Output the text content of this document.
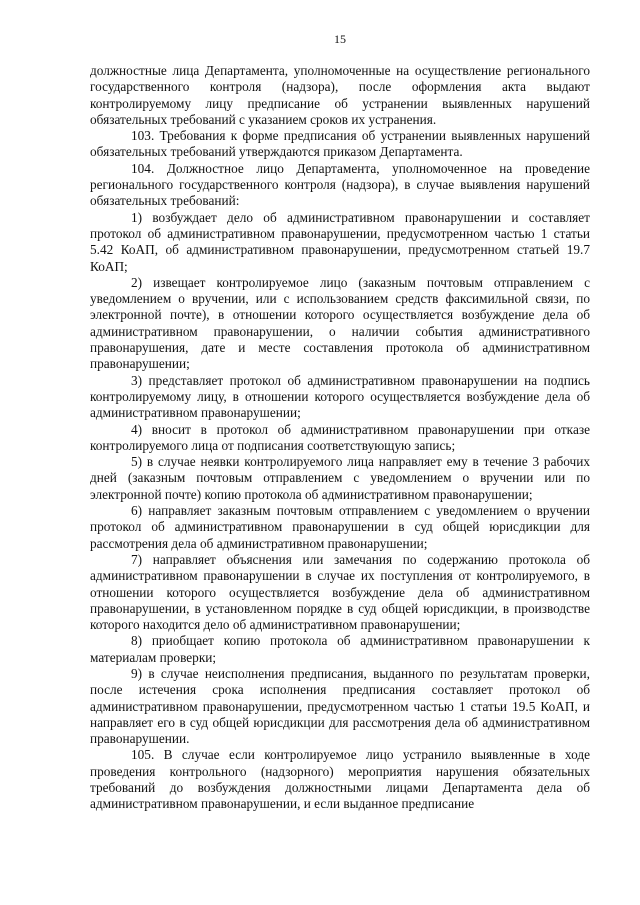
15

должностные лица Департамента, уполномоченные на осуществление регионального государственного контроля (надзора), после оформления акта выдают контролируемому лицу предписание об устранении выявленных нарушений обязательных требований с указанием сроков их устранения.

103. Требования к форме предписания об устранении выявленных нарушений обязательных требований утверждаются приказом Департамента.

104. Должностное лицо Департамента, уполномоченное на проведение регионального государственного контроля (надзора), в случае выявления нарушений обязательных требований:

1) возбуждает дело об административном правонарушении и составляет протокол об административном правонарушении, предусмотренном частью 1 статьи 5.42 КоАП, об административном правонарушении, предусмотренном статьей 19.7 КоАП;

2) извещает контролируемое лицо (заказным почтовым отправлением с уведомлением о вручении, или с использованием средств факсимильной связи, по электронной почте), в отношении которого осуществляется возбуждение дела об административном правонарушении, о наличии события административного правонарушения, дате и месте составления протокола об административном правонарушении;

3) представляет протокол об административном правонарушении на подпись контролируемому лицу, в отношении которого осуществляется возбуждение дела об административном правонарушении;

4) вносит в протокол об административном правонарушении при отказе контролируемого лица от подписания соответствующую запись;

5) в случае неявки контролируемого лица направляет ему в течение 3 рабочих дней (заказным почтовым отправлением с уведомлением о вручении или по электронной почте) копию протокола об административном правонарушении;

6) направляет заказным почтовым отправлением с уведомлением о вручении протокол об административном правонарушении в суд общей юрисдикции для рассмотрения дела об административном правонарушении;

7) направляет объяснения или замечания по содержанию протокола об административном правонарушении в случае их поступления от контролируемого, в отношении которого осуществляется возбуждение дела об административном правонарушении, в установленном порядке в суд общей юрисдикции, в производстве которого находится дело об административном правонарушении;

8) приобщает копию протокола об административном правонарушении к материалам проверки;

9) в случае неисполнения предписания, выданного по результатам проверки, после истечения срока исполнения предписания составляет протокол об административном правонарушении, предусмотренном частью 1 статьи 19.5 КоАП, и направляет его в суд общей юрисдикции для рассмотрения дела об административном правонарушении.

105. В случае если контролируемое лицо устранило выявленные в ходе проведения контрольного (надзорного) мероприятия нарушения обязательных требований до возбуждения должностными лицами Департамента дела об административном правонарушении, и если выданное предписание
